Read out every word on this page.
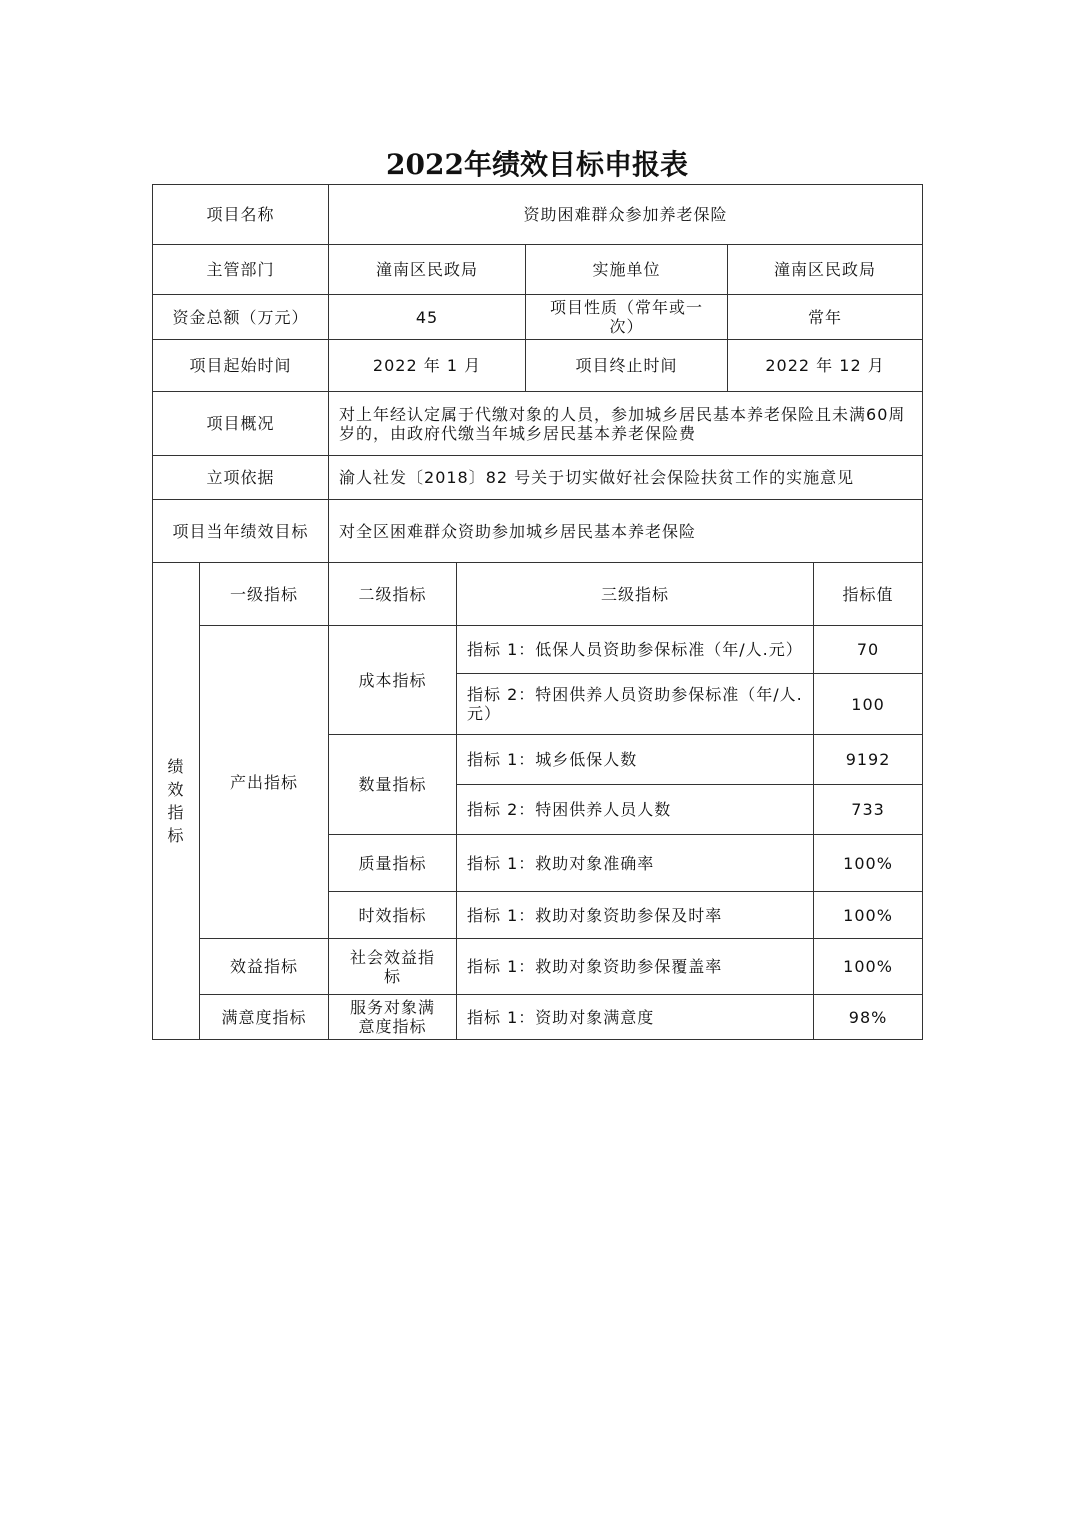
2022年绩效目标申报表
项目名称		资助困难群众参加养老保险				
主管部门		潼南区民政局		实施单位	潼南区民政局	
资金总额（万元）		45		项目性质（常年或一次）	常年	
项目起始时间		2022 年 1 月		项目终止时间	2022 年 12 月	
项目概况		对上年经认定属于代缴对象的人员，参加城乡居民基本养老保险且未满60周岁的，由政府代缴当年城乡居民基本养老保险费				
立项依据		渝人社发〔2018〕82 号关于切实做好社会保险扶贫工作的实施意见				
项目当年绩效目标		对全区困难群众资助参加城乡居民基本养老保险				
绩效指标	一级指标	二级指标	三级指标			指标值
	产出指标	成本指标	指标 1：低保人员资助参保标准（年/人.元）			70
			指标 2：特困供养人员资助参保标准（年/人.元）			100
		数量指标	指标 1：城乡低保人数			9192
			指标 2：特困供养人员人数			733
		质量指标	指标 1：救助对象准确率			100%
		时效指标	指标 1：救助对象资助参保及时率			100%
	效益指标	社会效益指标	指标 1：救助对象资助参保覆盖率			100%
	满意度指标	服务对象满意度指标	指标 1：资助对象满意度			98%
